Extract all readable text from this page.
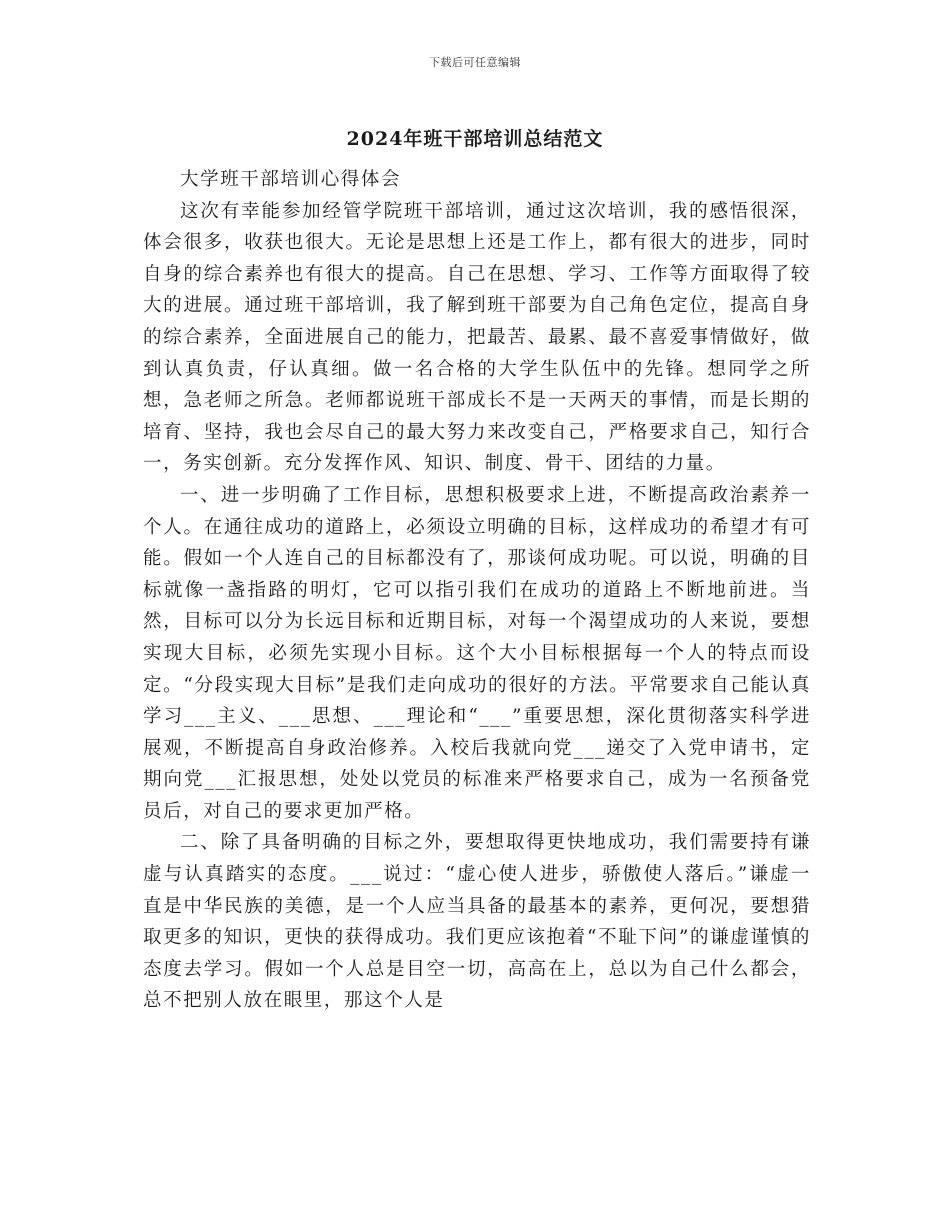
下载后可任意编辑
2024年班干部培训总结范文

大学班干部培训心得体会

这次有幸能参加经管学院班干部培训，通过这次培训，我的感悟很深，体会很多，收获也很大。无论是思想上还是工作上，都有很大的进步，同时自身的综合素养也有很大的提高。自己在思想、学习、工作等方面取得了较大的进展。通过班干部培训，我了解到班干部要为自己角色定位，提高自身的综合素养，全面进展自己的能力，把最苦、最累、最不喜爱事情做好，做到认真负责，仔认真细。做一名合格的大学生队伍中的先锋。想同学之所想，急老师之所急。老师都说班干部成长不是一天两天的事情，而是长期的培育、坚持，我也会尽自己的最大努力来改变自己，严格要求自己，知行合一，务实创新。充分发挥作风、知识、制度、骨干、团结的力量。

一、进一步明确了工作目标，思想积极要求上进，不断提高政治素养一个人。在通往成功的道路上，必须设立明确的目标，这样成功的希望才有可能。假如一个人连自己的目标都没有了，那谈何成功呢。可以说，明确的目标就像一盏指路的明灯，它可以指引我们在成功的道路上不断地前进。当然，目标可以分为长远目标和近期目标，对每一个渴望成功的人来说，要想实现大目标，必须先实现小目标。这个大小目标根据每一个人的特点而设定。“分段实现大目标”是我们走向成功的很好的方法。平常要求自己能认真学习___主义、___思想、___理论和“___”重要思想，深化贯彻落实科学进展观，不断提高自身政治修养。入校后我就向党___递交了入党申请书，定期向党___汇报思想，处处以党员的标准来严格要求自己，成为一名预备党员后，对自己的要求更加严格。

二、除了具备明确的目标之外，要想取得更快地成功，我们需要持有谦虚与认真踏实的态度。___说过：“虚心使人进步，骄傲使人落后。”谦虚一直是中华民族的美德，是一个人应当具备的最基本的素养，更何况，要想猎取更多的知识，更快的获得成功。我们更应该抱着“不耻下问”的谦虚谨慎的态度去学习。假如一个人总是目空一切，高高在上，总以为自己什么都会，总不把别人放在眼里，那这个人是
